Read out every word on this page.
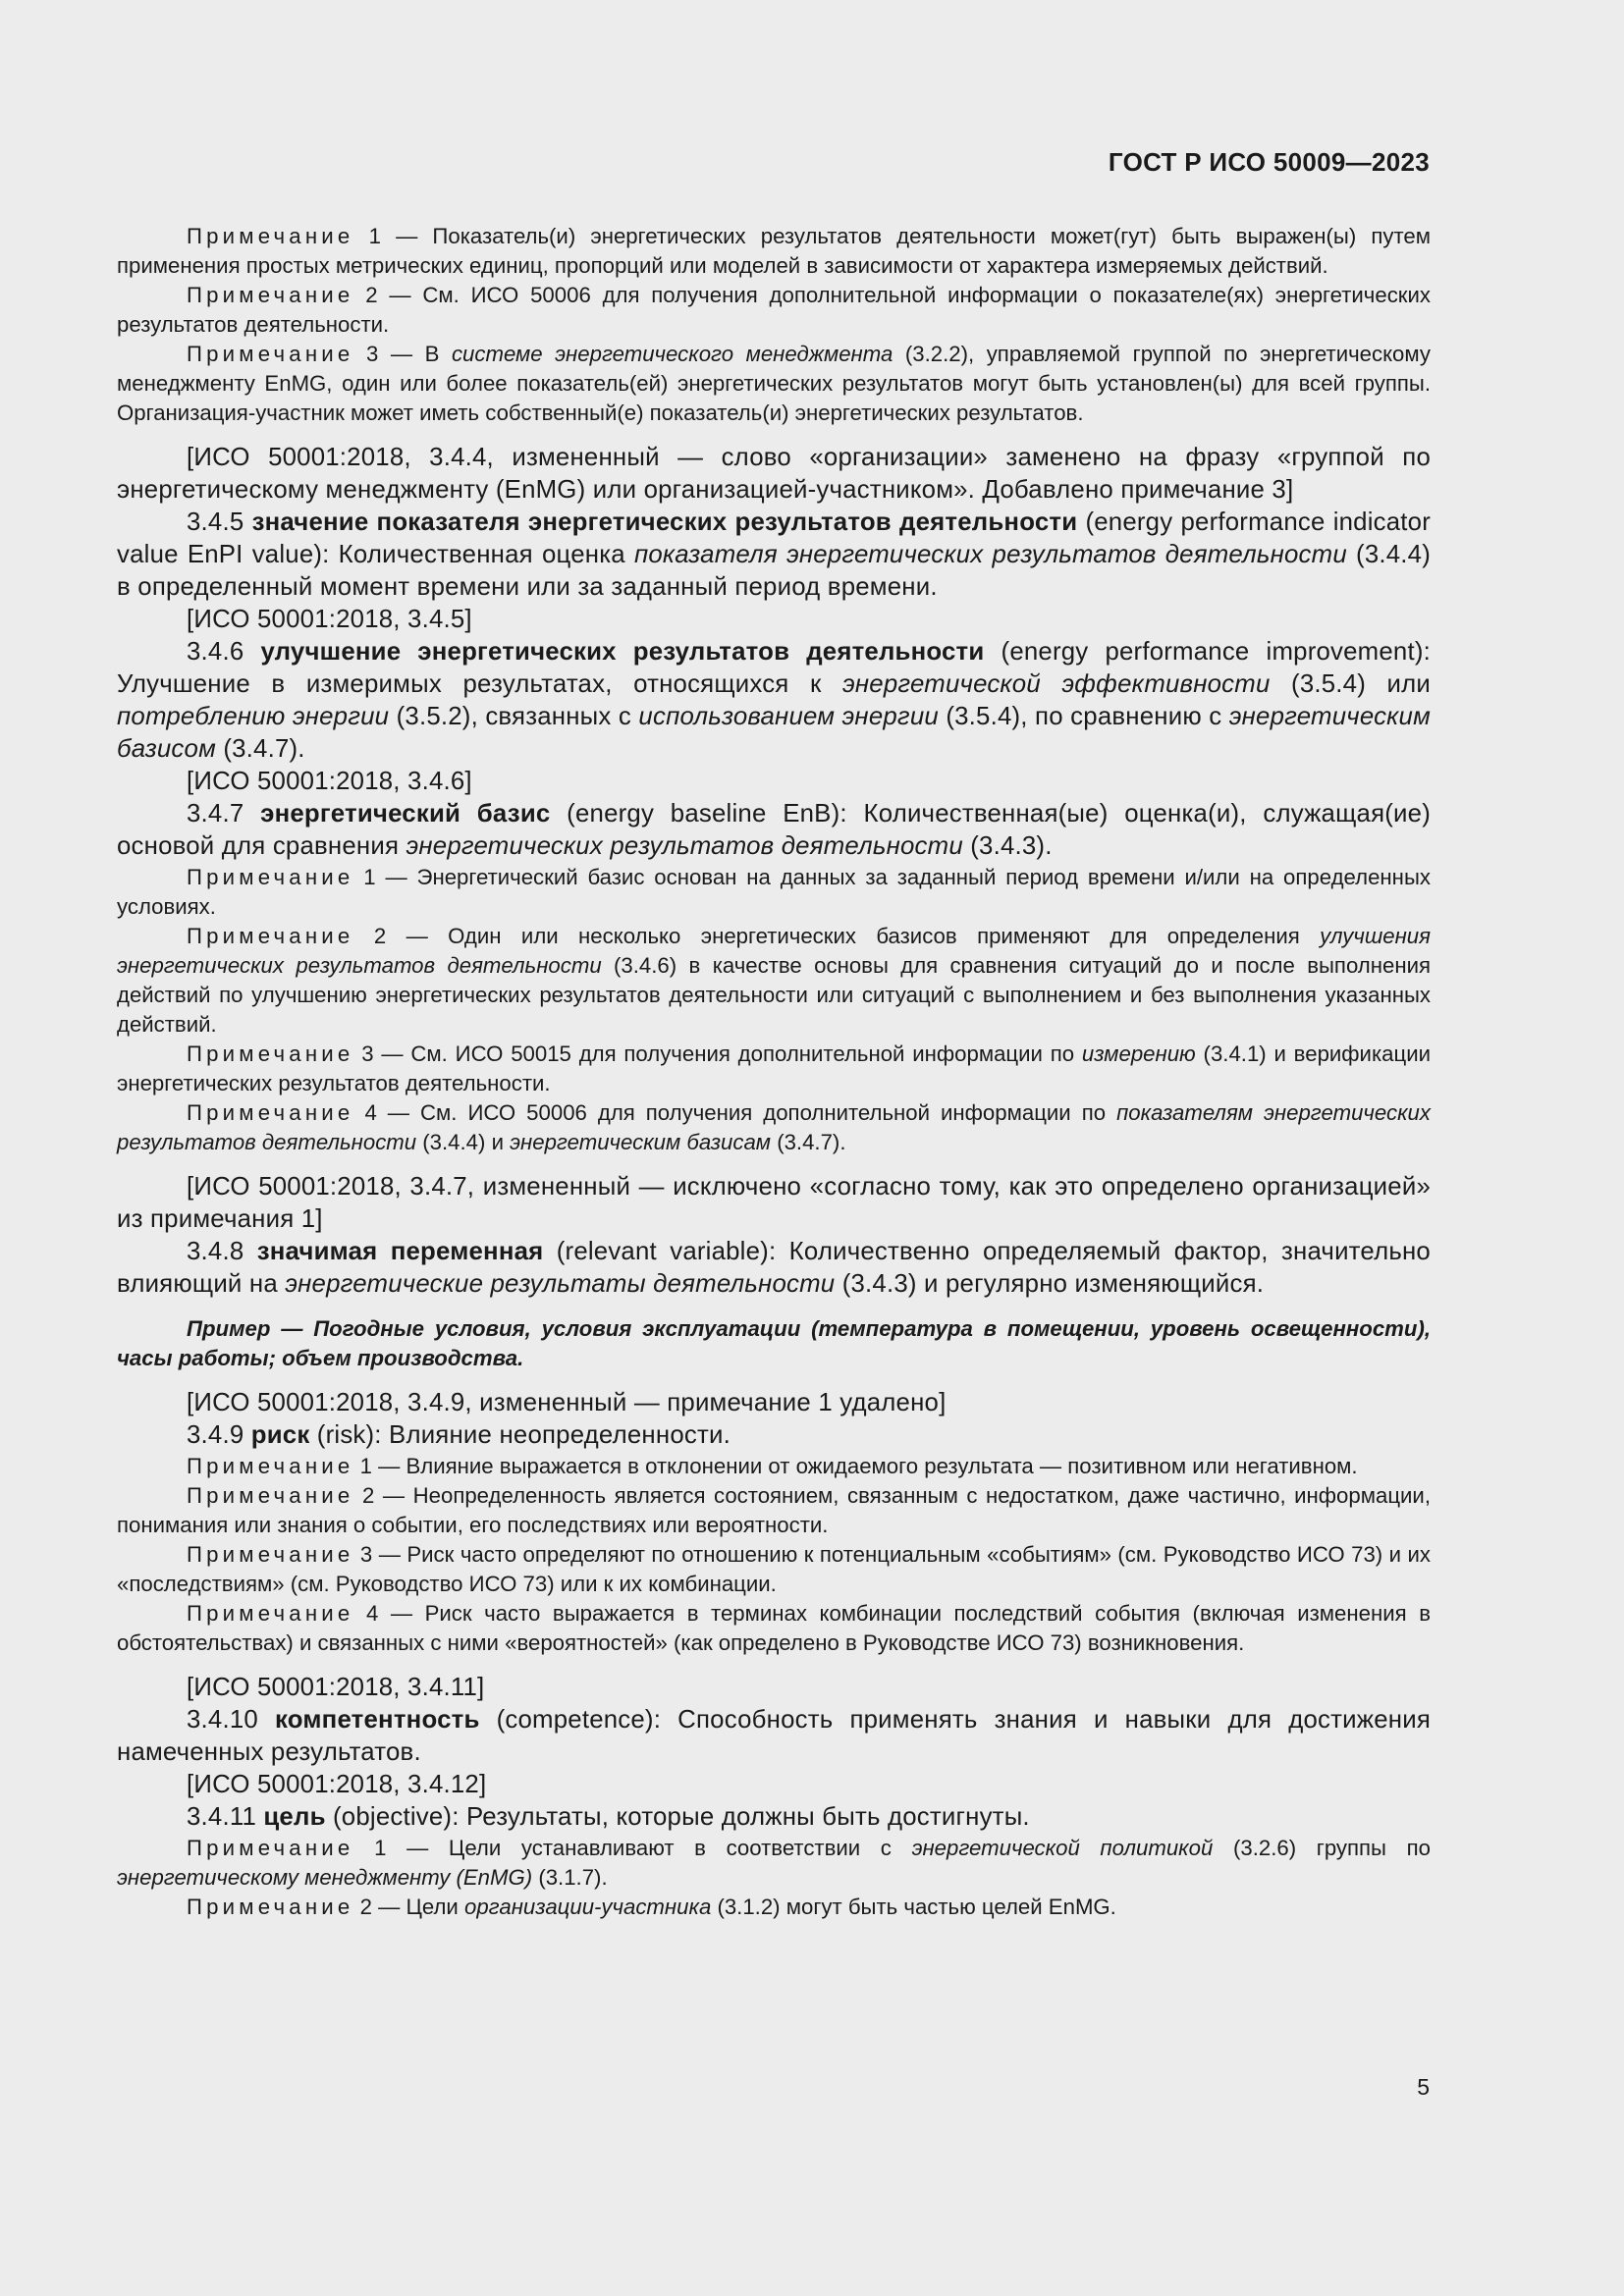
ГОСТ Р ИСО 50009—2023

Примечание 1 — Показатель(и) энергетических результатов деятельности может(гут) быть выражен(ы) путем применения простых метрических единиц, пропорций или моделей в зависимости от характера измеряемых действий.

Примечание 2 — См. ИСО 50006 для получения дополнительной информации о показателе(ях) энергетических результатов деятельности.

Примечание 3 — В системе энергетического менеджмента (3.2.2), управляемой группой по энергетическому менеджменту EnMG, один или более показатель(ей) энергетических результатов могут быть установлен(ы) для всей группы. Организация-участник может иметь собственный(е) показатель(и) энергетических результатов.

[ИСО 50001:2018, 3.4.4, измененный — слово «организации» заменено на фразу «группой по энергетическому менеджменту (EnMG) или организацией-участником». Добавлено примечание 3]

3.4.5 значение показателя энергетических результатов деятельности (energy performance indicator value EnPI value): Количественная оценка показателя энергетических результатов деятельности (3.4.4) в определенный момент времени или за заданный период времени.

[ИСО 50001:2018, 3.4.5]

3.4.6 улучшение энергетических результатов деятельности (energy performance improvement): Улучшение в измеримых результатах, относящихся к энергетической эффективности (3.5.4) или потреблению энергии (3.5.2), связанных с использованием энергии (3.5.4), по сравнению с энергетическим базисом (3.4.7).

[ИСО 50001:2018, 3.4.6]

3.4.7 энергетический базис (energy baseline EnB): Количественная(ые) оценка(и), служащая(ие) основой для сравнения энергетических результатов деятельности (3.4.3).

Примечание 1 — Энергетический базис основан на данных за заданный период времени и/или на определенных условиях.

Примечание 2 — Один или несколько энергетических базисов применяют для определения улучшения энергетических результатов деятельности (3.4.6) в качестве основы для сравнения ситуаций до и после выполнения действий по улучшению энергетических результатов деятельности или ситуаций с выполнением и без выполнения указанных действий.

Примечание 3 — См. ИСО 50015 для получения дополнительной информации по измерению (3.4.1) и верификации энергетических результатов деятельности.

Примечание 4 — См. ИСО 50006 для получения дополнительной информации по показателям энергетических результатов деятельности (3.4.4) и энергетическим базисам (3.4.7).

[ИСО 50001:2018, 3.4.7, измененный — исключено «согласно тому, как это определено организацией» из примечания 1]

3.4.8 значимая переменная (relevant variable): Количественно определяемый фактор, значительно влияющий на энергетические результаты деятельности (3.4.3) и регулярно изменяющийся.

Пример — Погодные условия, условия эксплуатации (температура в помещении, уровень освещенности), часы работы; объем производства.

[ИСО 50001:2018, 3.4.9, измененный — примечание 1 удалено]

3.4.9 риск (risk): Влияние неопределенности.

Примечание 1 — Влияние выражается в отклонении от ожидаемого результата — позитивном или негативном.

Примечание 2 — Неопределенность является состоянием, связанным с недостатком, даже частично, информации, понимания или знания о событии, его последствиях или вероятности.

Примечание 3 — Риск часто определяют по отношению к потенциальным «событиям» (см. Руководство ИСО 73) и их «последствиям» (см. Руководство ИСО 73) или к их комбинации.

Примечание 4 — Риск часто выражается в терминах комбинации последствий события (включая изменения в обстоятельствах) и связанных с ними «вероятностей» (как определено в Руководстве ИСО 73) возникновения.

[ИСО 50001:2018, 3.4.11]

3.4.10 компетентность (competence): Способность применять знания и навыки для достижения намеченных результатов.

[ИСО 50001:2018, 3.4.12]

3.4.11 цель (objective): Результаты, которые должны быть достигнуты.

Примечание 1 — Цели устанавливают в соответствии с энергетической политикой (3.2.6) группы по энергетическому менеджменту (EnMG) (3.1.7).

Примечание 2 — Цели организации-участника (3.1.2) могут быть частью целей EnMG.

5
